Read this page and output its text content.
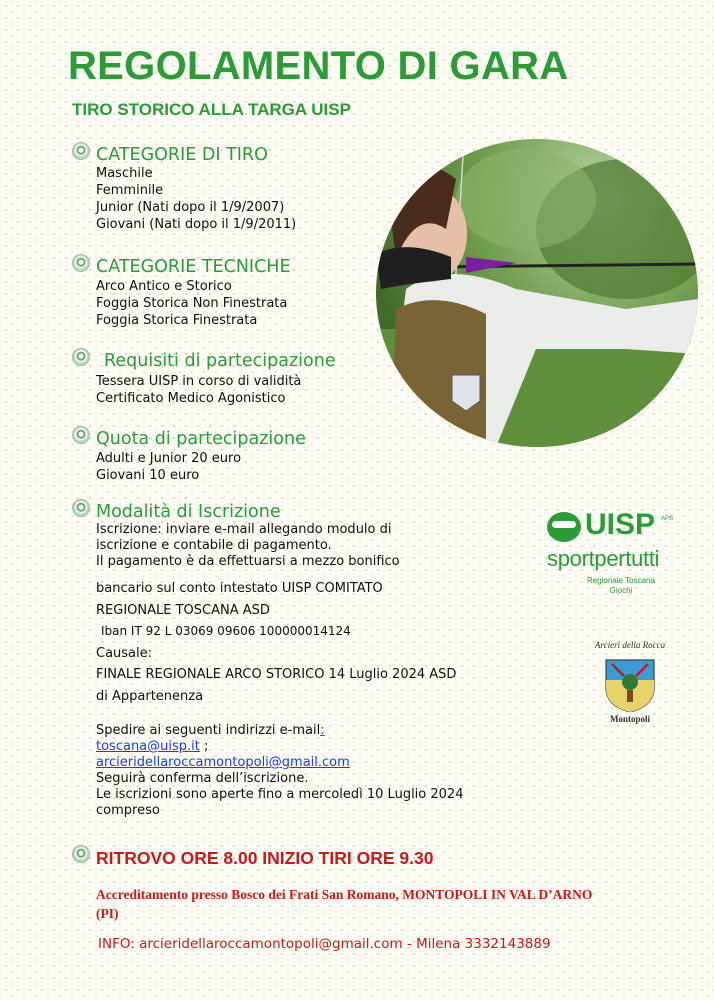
REGOLAMENTO DI GARA
TIRO STORICO ALLA TARGA UISP
CATEGORIE DI TIRO
Maschile
Femminile
Junior (Nati dopo il 1/9/2007)
Giovani (Nati dopo il 1/9/2011)
CATEGORIE TECNICHE
Arco Antico e Storico
Foggia Storica Non Finestrata
Foggia Storica Finestrata
Requisiti di partecipazione
Tessera UISP in corso di validità
Certificato Medico Agonistico
Quota di partecipazione
Adulti e Junior 20 euro
Giovani 10 euro
Modalità di Iscrizione
Iscrizione: inviare e-mail allegando modulo di
iscrizione e contabile di pagamento.
Il pagamento è da effettuarsi a mezzo bonifico
bancario sul conto intestato UISP COMITATO
REGIONALE TOSCANA ASD
Iban IT 92 L 03069 09606 100000014124
Causale:
FINALE REGIONALE ARCO STORICO 14 Luglio 2024 ASD
di Appartenenza
Spedire ai seguenti indirizzi e-mail:
toscana@uisp.it ;
arcieridellaroccamontopoli@gmail.com
Seguirà conferma dell’iscrizione.
Le iscrizioni sono aperte fino a mercoledì 10 Luglio 2024
compreso
UISP APS
sportpertutti
Regionale Toscana
Giochi
Arcieri della Rocca
Montopoli
RITROVO ORE 8.00 INIZIO TIRI ORE 9.30
Accreditamento presso Bosco dei Frati San Romano, MONTOPOLI IN VAL D’ARNO (PI)
INFO: arcieridellaroccamontopoli@gmail.com - Milena 3332143889
